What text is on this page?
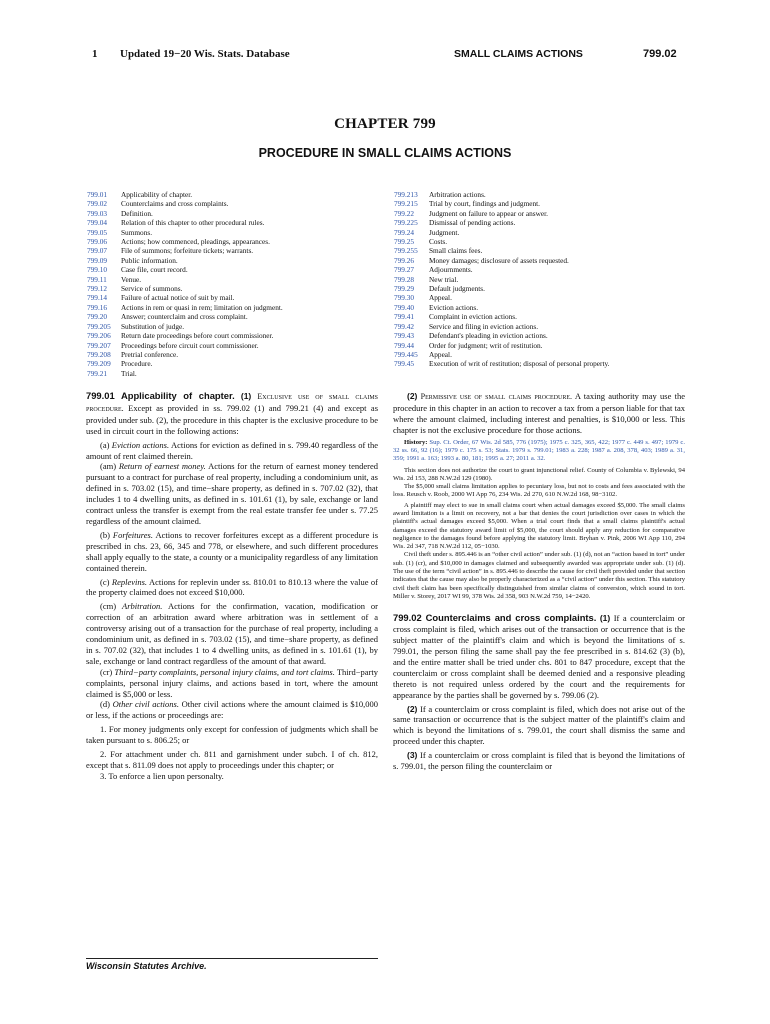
1 Updated 19−20 Wis. Stats. Database	SMALL CLAIMS ACTIONS	799.02
CHAPTER 799
PROCEDURE IN SMALL CLAIMS ACTIONS
799.01	Applicability of chapter.
799.02	Counterclaims and cross complaints.
799.03	Definition.
799.04	Relation of this chapter to other procedural rules.
799.05	Summons.
799.06	Actions; how commenced, pleadings, appearances.
799.07	File of summons; forfeiture tickets; warrants.
799.09	Public information.
799.10	Case file, court record.
799.11	Venue.
799.12	Service of summons.
799.14	Failure of actual notice of suit by mail.
799.16	Actions in rem or quasi in rem; limitation on judgment.
799.20	Answer; counterclaim and cross complaint.
799.205	Substitution of judge.
799.206	Return date proceedings before court commissioner.
799.207	Proceedings before circuit court commissioner.
799.208	Pretrial conference.
799.209	Procedure.
799.21	Trial.
799.213	Arbitration actions.
799.215	Trial by court, findings and judgment.
799.22	Judgment on failure to appear or answer.
799.225	Dismissal of pending actions.
799.24	Judgment.
799.25	Costs.
799.255	Small claims fees.
799.26	Money damages; disclosure of assets requested.
799.27	Adjournments.
799.28	New trial.
799.29	Default judgments.
799.30	Appeal.
799.40	Eviction actions.
799.41	Complaint in eviction actions.
799.42	Service and filing in eviction actions.
799.43	Defendant's pleading in eviction actions.
799.44	Order for judgment; writ of restitution.
799.445	Appeal.
799.45	Execution of writ of restitution; disposal of personal property.

799.01 Applicability of chapter. (1) Exclusive use of small claims procedure. Except as provided in ss. 799.02 (1) and 799.21 (4) and except as provided under sub. (2), the procedure in this chapter is the exclusive procedure to be used in circuit court in the following actions:

(a) Eviction actions. Actions for eviction as defined in s. 799.40 regardless of the amount of rent claimed therein.

(am) Return of earnest money. Actions for the return of earnest money tendered pursuant to a contract for purchase of real property, including a condominium unit, as defined in s. 703.02 (15), and time−share property, as defined in s. 707.02 (32), that includes 1 to 4 dwelling units, as defined in s. 101.61 (1), by sale, exchange or land contract unless the transfer is exempt from the real estate transfer fee under s. 77.25 regardless of the amount claimed.

(b) Forfeitures. Actions to recover forfeitures except as a different procedure is prescribed in chs. 23, 66, 345 and 778, or elsewhere, and such different procedures shall apply equally to the state, a county or a municipality regardless of any limitation contained therein.

(c) Replevins. Actions for replevin under ss. 810.01 to 810.13 where the value of the property claimed does not exceed $10,000.

(cm) Arbitration. Actions for the confirmation, vacation, modification or correction of an arbitration award where arbitration was in settlement of a controversy arising out of a transaction for the purchase of real property, including a condominium unit, as defined in s. 703.02 (15), and time−share property, as defined in s. 707.02 (32), that includes 1 to 4 dwelling units, as defined in s. 101.61 (1), by sale, exchange or land contract regardless of the amount of that award.

(cr) Third−party complaints, personal injury claims, and tort claims. Third−party complaints, personal injury claims, and actions based in tort, where the amount claimed is $5,000 or less.

(d) Other civil actions. Other civil actions where the amount claimed is $10,000 or less, if the actions or proceedings are:

1. For money judgments only except for confession of judgments which shall be taken pursuant to s. 806.25; or

2. For attachment under ch. 811 and garnishment under subch. I of ch. 812, except that s. 811.09 does not apply to proceedings under this chapter; or

3. To enforce a lien upon personalty.

(2) Permissive use of small claims procedure. A taxing authority may use the procedure in this chapter in an action to recover a tax from a person liable for that tax where the amount claimed, including interest and penalties, is $10,000 or less. This chapter is not the exclusive procedure for those actions.

History: Sup. Ct. Order, 67 Wis. 2d 585, 776 (1975); 1975 c. 325, 365, 422; 1977 c. 449 s. 497; 1979 c. 32 ss. 66, 92 (16); 1979 c. 175 s. 53; Stats. 1979 s. 799.01; 1983 a. 228; 1987 a. 208, 378, 403; 1989 a. 31, 359; 1991 a. 163; 1993 a. 80, 181; 1995 a. 27; 2011 a. 32.

This section does not authorize the court to grant injunctional relief. County of Columbia v. Bylewski, 94 Wis. 2d 153, 288 N.W.2d 129 (1980).

The $5,000 small claims limitation applies to pecuniary loss, but not to costs and fees associated with the loss. Reusch v. Roob, 2000 WI App 76, 234 Wis. 2d 270, 610 N.W.2d 168, 98−3102.

A plaintiff may elect to sue in small claims court when actual damages exceed $5,000. The small claims award limitation is a limit on recovery, not a bar that denies the court jurisdiction over cases in which the plaintiff's actual damages exceed $5,000. When a trial court finds that a small claims plaintiff's actual damages exceed the statutory award limit of $5,000, the court should apply any reduction for comparative negligence to the damages found before applying the statutory limit. Bryhan v. Pink, 2006 WI App 110, 294 Wis. 2d 347, 718 N.W.2d 112, 05−1030.

Civil theft under s. 895.446 is an “other civil action” under sub. (1) (d), not an “action based in tort” under sub. (1) (cr), and $10,000 in damages claimed and subsequently awarded was appropriate under sub. (1) (d). The use of the term “civil action” in s. 895.446 to describe the cause for civil theft provided under that section indicates that the cause may also be properly characterized as a “civil action” under this section. This statutory civil theft claim has been specifically distinguished from similar claims of conversion, which sound in tort. Miller v. Storey, 2017 WI 99, 378 Wis. 2d 358, 903 N.W.2d 759, 14−2420.

799.02 Counterclaims and cross complaints. (1) If a counterclaim or cross complaint is filed, which arises out of the transaction or occurrence that is the subject matter of the plaintiff's claim and which is beyond the limitations of s. 799.01, the person filing the same shall pay the fee prescribed in s. 814.62 (3) (b), and the entire matter shall be tried under chs. 801 to 847 procedure, except that the counterclaim or cross complaint shall be deemed denied and a responsive pleading thereto is not required unless ordered by the court and the requirements for appearance by the parties shall be governed by s. 799.06 (2).

(2) If a counterclaim or cross complaint is filed, which does not arise out of the same transaction or occurrence that is the subject matter of the plaintiff's claim and which is beyond the limitations of s. 799.01, the court shall dismiss the same and proceed under this chapter.

(3) If a counterclaim or cross complaint is filed that is beyond the limitations of s. 799.01, the person filing the counterclaim or

Wisconsin Statutes Archive.
